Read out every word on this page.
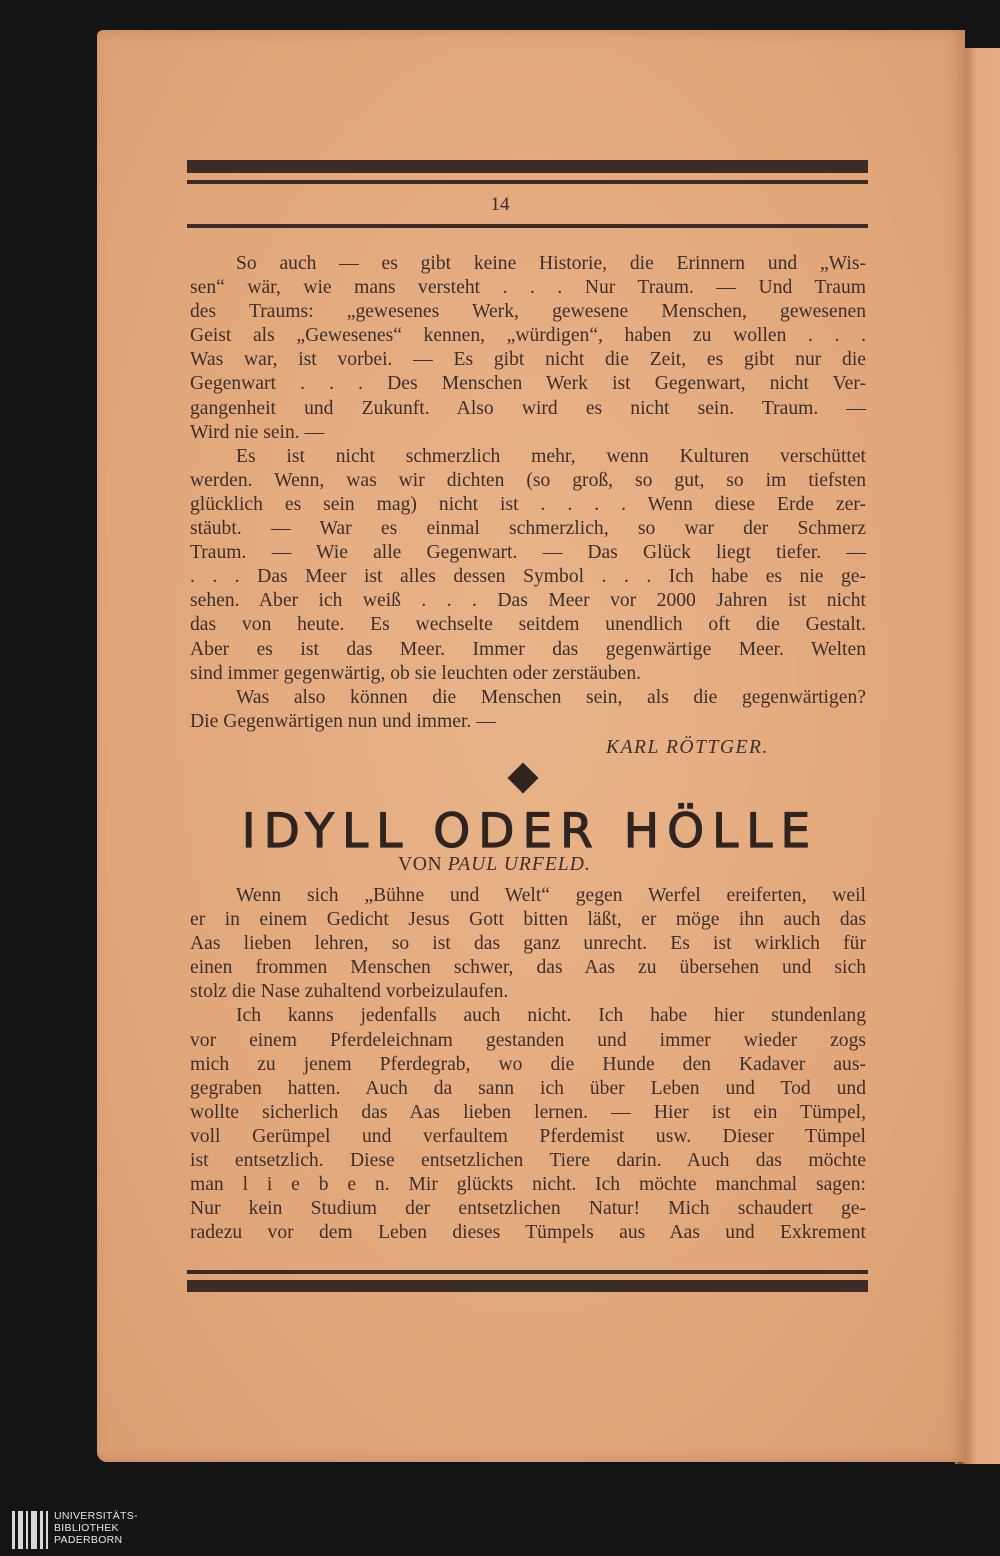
14
So auch — es gibt keine Historie, die Erinnern und „Wis-
sen“ wär, wie mans versteht . . . Nur Traum. — Und Traum
des Traums: „gewesenes Werk, gewesene Menschen, gewesenen
Geist als „Gewesenes“ kennen, „würdigen“, haben zu wollen . . .
Was war, ist vorbei. — Es gibt nicht die Zeit, es gibt nur die
Gegenwart . . . Des Menschen Werk ist Gegenwart, nicht Ver-
gangenheit und Zukunft. Also wird es nicht sein. Traum. —
Wird nie sein. —
Es ist nicht schmerzlich mehr, wenn Kulturen verschüttet
werden. Wenn, was wir dichten (so groß, so gut, so im tiefsten
glücklich es sein mag) nicht ist . . . . Wenn diese Erde zer-
stäubt. — War es einmal schmerzlich, so war der Schmerz
Traum. — Wie alle Gegenwart. — Das Glück liegt tiefer. —
. . . Das Meer ist alles dessen Symbol . . . Ich habe es nie ge-
sehen. Aber ich weiß . . . Das Meer vor 2000 Jahren ist nicht
das von heute. Es wechselte seitdem unendlich oft die Gestalt.
Aber es ist das Meer. Immer das gegenwärtige Meer. Welten
sind immer gegenwärtig, ob sie leuchten oder zerstäuben.
Was also können die Menschen sein, als die gegenwärtigen?
Die Gegenwärtigen nun und immer. —
KARL RÖTTGER.
IDYLL ODER HÖLLE
VON PAUL URFELD.
Wenn sich „Bühne und Welt“ gegen Werfel ereiferten, weil
er in einem Gedicht Jesus Gott bitten läßt, er möge ihn auch das
Aas lieben lehren, so ist das ganz unrecht. Es ist wirklich für
einen frommen Menschen schwer, das Aas zu übersehen und sich
stolz die Nase zuhaltend vorbeizulaufen.
Ich kanns jedenfalls auch nicht. Ich habe hier stundenlang
vor einem Pferdeleichnam gestanden und immer wieder zogs
mich zu jenem Pferdegrab, wo die Hunde den Kadaver aus-
gegraben hatten. Auch da sann ich über Leben und Tod und
wollte sicherlich das Aas lieben lernen. — Hier ist ein Tümpel,
voll Gerümpel und verfaultem Pferdemist usw. Dieser Tümpel
ist entsetzlich. Diese entsetzlichen Tiere darin. Auch das möchte
man l i e b e n. Mir glückts nicht. Ich möchte manchmal sagen:
Nur kein Studium der entsetzlichen Natur! Mich schaudert ge-
radezu vor dem Leben dieses Tümpels aus Aas und Exkrement
UNIVERSITÄTS-
BIBLIOTHEK
PADERBORN
